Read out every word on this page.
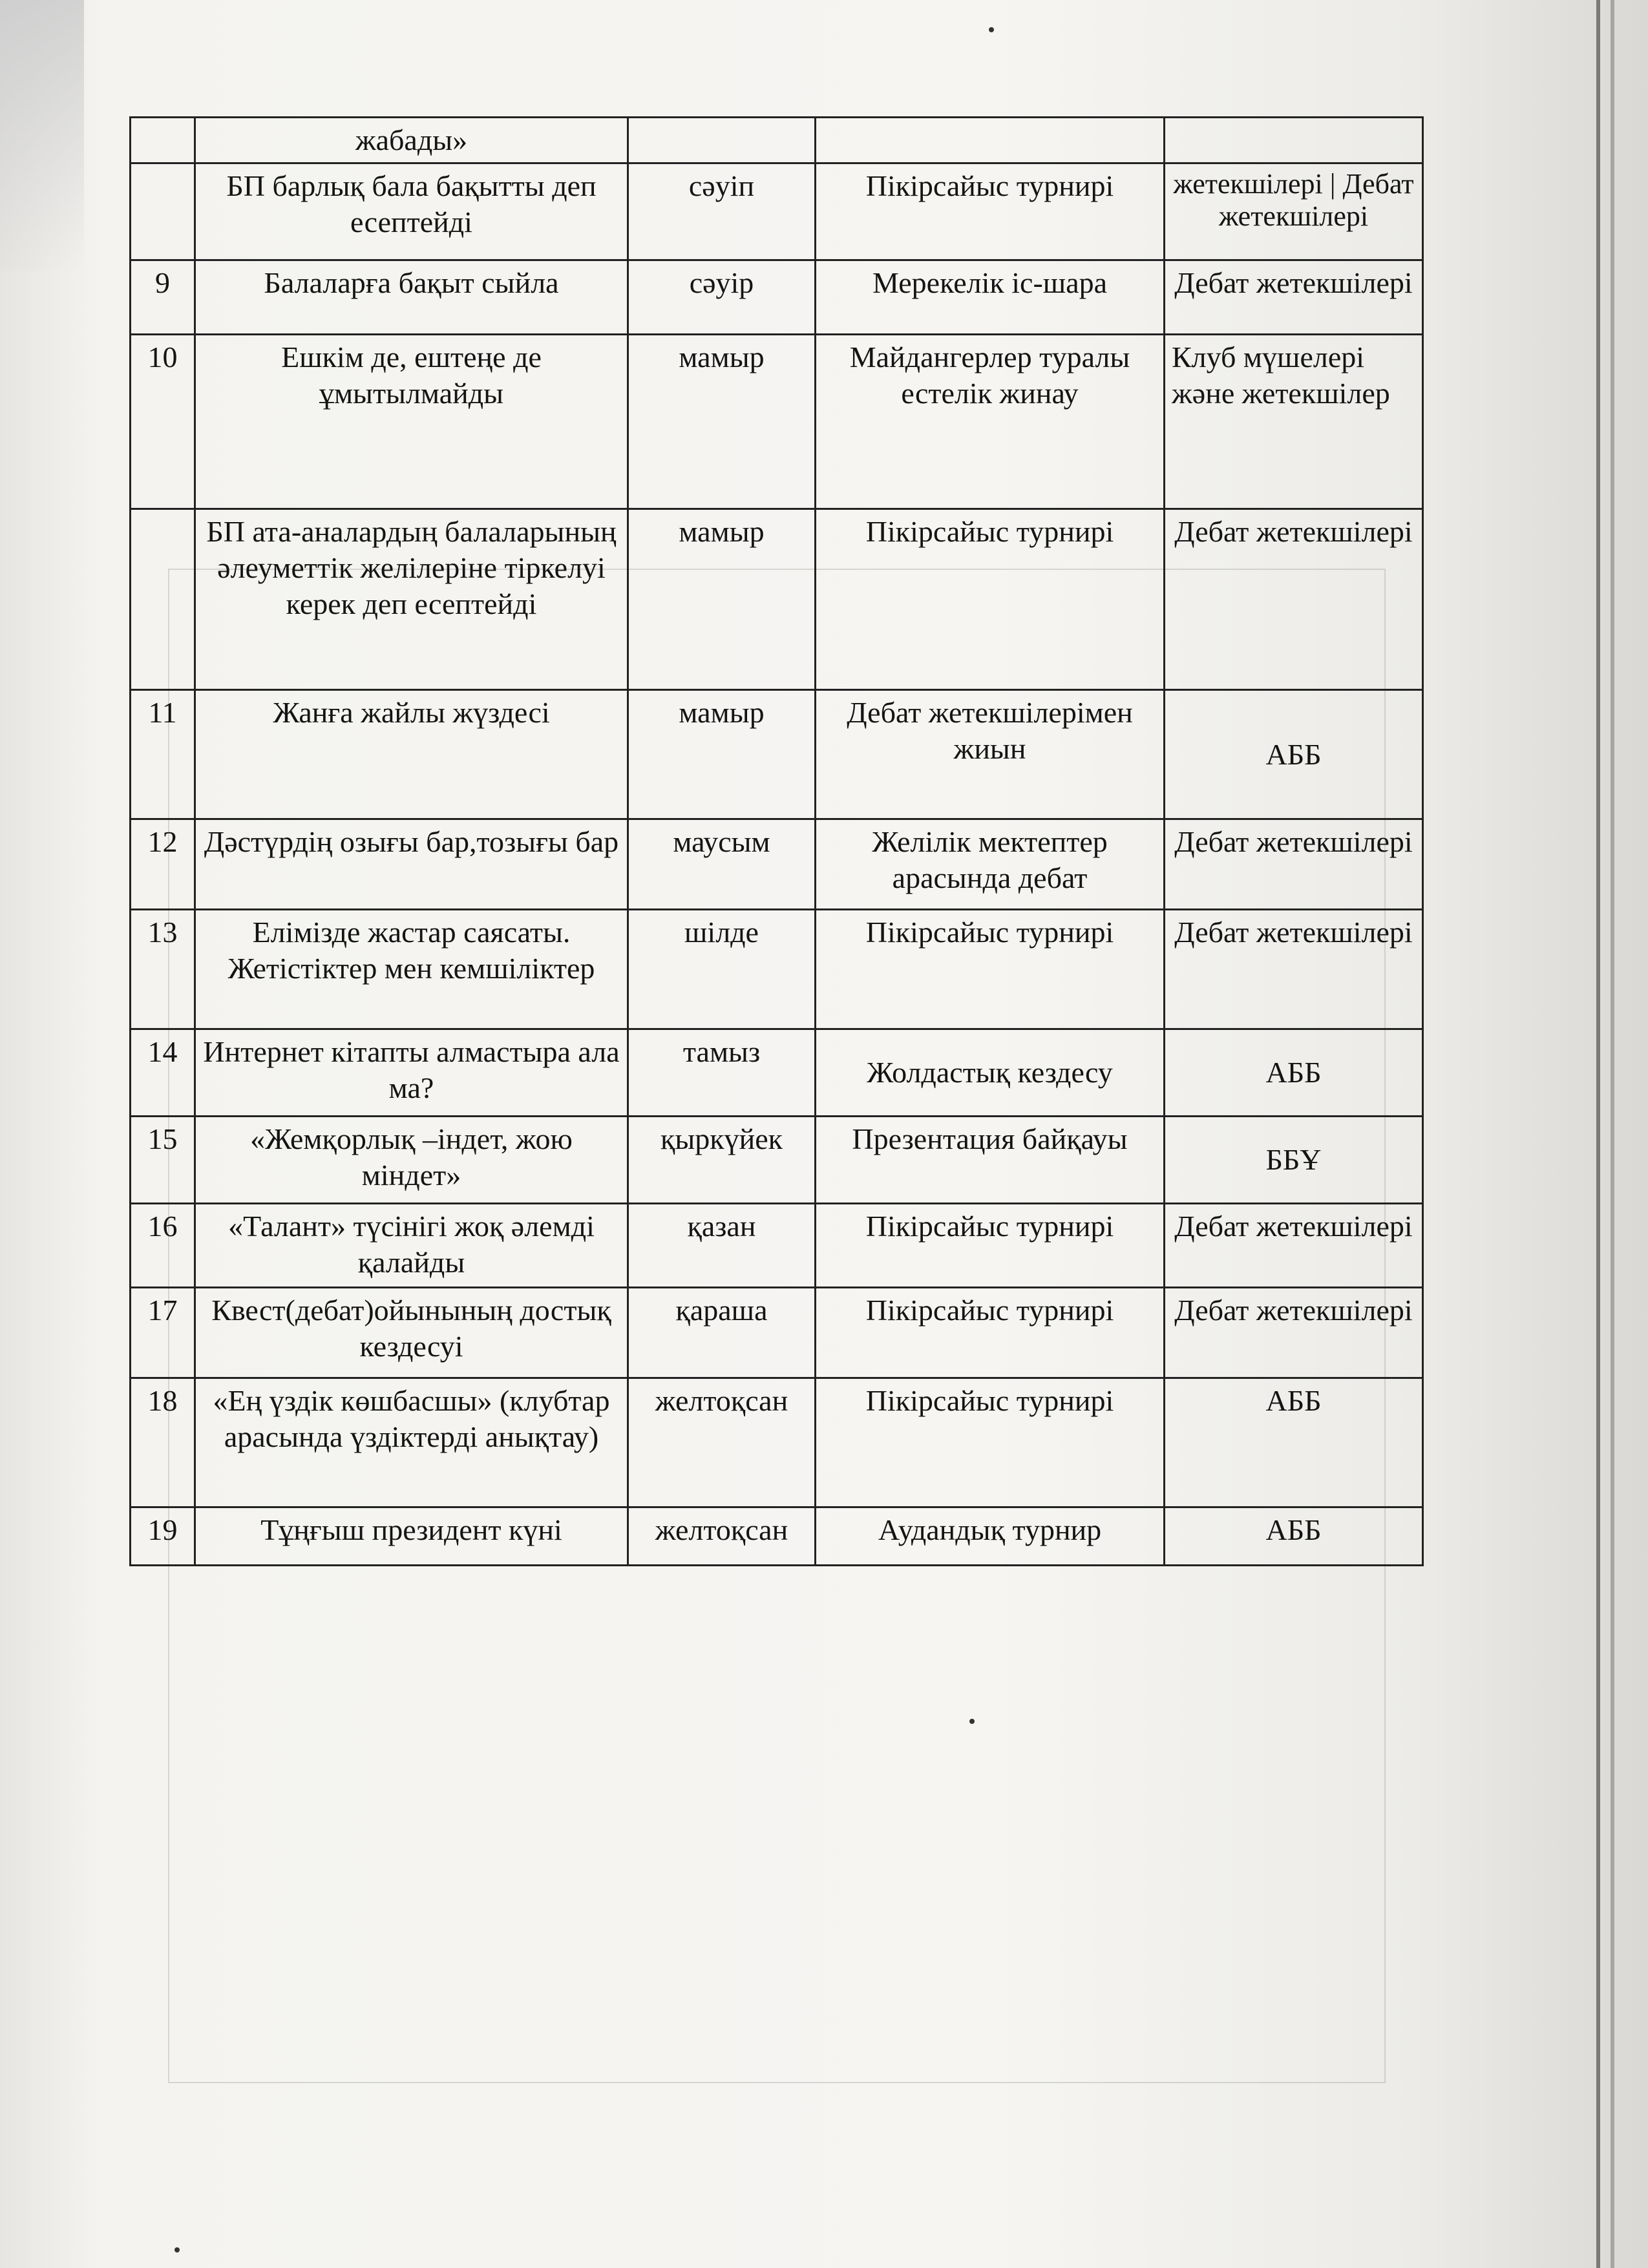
	жабады»			
	БП барлық бала бақытты деп есептейді	сәуіп	Пікірсайыс турнирі	жетекшілері | Дебат жетекшілері
9	Балаларға бақыт сыйла	сәуір	Мерекелік іс-шара	Дебат жетекшілері
10	Ешкім де, ештеңе де ұмытылмайды	мамыр	Майдангерлер туралы естелік жинау	Клуб мүшелері және жетекшілер
	БП ата-аналардың балаларының әлеуметтік желілеріне тіркелуі керек деп есептейді	мамыр	Пікірсайыс турнирі	Дебат жетекшілері
11	Жанға жайлы жүздесі	мамыр	Дебат жетекшілерімен жиын	АББ
12	Дәстүрдің озығы бар,тозығы бар	маусым	Желілік мектептер арасында дебат	Дебат жетекшілері
13	Елімізде жастар саясаты. Жетістіктер мен кемшіліктер	шілде	Пікірсайыс турнирі	Дебат жетекшілері
14	Интернет кітапты алмастыра ала ма?	тамыз	Жолдастық кездесу	АББ
15	«Жемқорлық –індет, жою міндет»	қыркүйек	Презентация байқауы	ББҰ
16	«Талант» түсінігі жоқ әлемді қалайды	қазан	Пікірсайыс турнирі	Дебат жетекшілері
17	Квест(дебат)ойынының достық кездесуі	қараша	Пікірсайыс турнирі	Дебат жетекшілері
18	«Ең үздік көшбасшы» (клубтар арасында үздіктерді анықтау)	желтоқсан	Пікірсайыс турнирі	АББ
19	Тұңғыш президент күні	желтоқсан	Аудандық турнир	АББ
